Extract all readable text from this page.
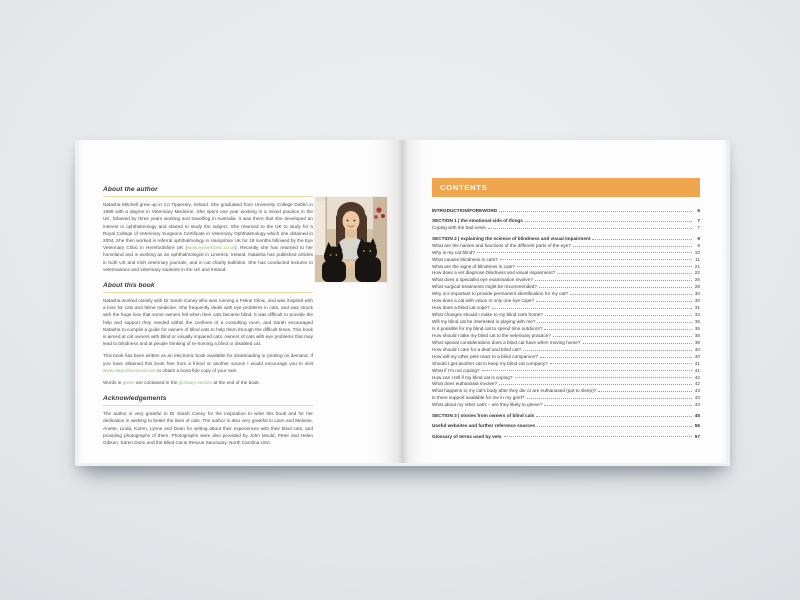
About the author

Natasha Mitchell grew up in Co Tipperary, Ireland. She graduated from University College Dublin in 1998 with a degree in Veterinary Medicine. She spent one year working in a mixed practice in the UK, followed by three years working and travelling in Australia. It was there that she developed an interest in ophthalmology and started to study the subject. She returned to the UK to study for a Royal College of Veterinary Surgeons Certificate in Veterinary Ophthalmology which she obtained in 2004. She then worked in referral ophthalmology in Hampshire UK for 18 months followed by the Eye Veterinary Clinic in Herefordshire UK (www.eyevetclinic.co.uk). Recently she has returned to her homeland and is working as an ophthalmologist in Limerick, Ireland. Natasha has published articles in both UK and Irish veterinary journals, and in cat charity bulletins. She has conducted lectures to veterinarians and veterinary students in the UK and Ireland.

About this book

Natasha worked closely with Dr Sarah Caney who was running a Feline Clinic, and was inspired with a love for cats and feline medicine. She frequently deals with eye problems in cats, and was struck with the huge loss that some owners felt when their cats became blind. It was difficult to provide the help and support they needed within the confines of a consulting room, and Sarah encouraged Natasha to compile a guide for owners of blind cats to help them through the difficult times. This book is aimed at cat owners with blind or visually impaired cats, owners of cats with eye problems that may lead to blindness and at people thinking of re-homing a blind or disabled cat.

This book has been written as an electronic book available for downloading or printing on demand. If you have obtained this book free from a friend or another source I would encourage you to visit www.catprofessional.com to obtain a bona fide copy of your own.

Words in green are contained in the glossary section at the end of the book.

Acknowledgements

The author is very grateful to Dr Sarah Caney for the inspiration to write this book and for her dedication in wishing to better the lives of cats. The author is also very grateful to Liam and Melanie, Anette, Linda, Karen, Lynne and Dean for writing about their experiences with their blind cats, and providing photographs of them. Photographs were also provided by John Mould, Peter and Helen Gibson, Karen Dunn and the Blind Cat & Rescue Sanctuary, North Carolina USA.

CONTENTS
INTRODUCTION/FOREWORD	6
SECTION 1 | the emotional side of things	7
Coping with the bad news	7
SECTION 2 | explaining the science of blindness and visual impairment	9
What are the names and functions of the different parts of the eye?	9
Why is my cat blind?	10
What causes blindness in cats?	11
What are the signs of blindness in cats?	21
How does a vet diagnose blindness and visual impairment?	22
What does a specialist eye examination involve?	26
What surgical treatments might be recommended?	28
Why is it important to provide permanent identification for my cat?	30
How does a cat with vision in only one eye cope?	30
How does a blind cat cope?	31
What changes should I make to my blind cat's home?	32
Will my blind cat be interested in playing with me?	35
Is it possible for my blind cat to spend time outdoors?	36
How should I take my blind cat to the veterinary practice?	38
What special considerations does a blind cat have when moving home?	38
How should I care for a deaf and blind cat?	40
How will my other pets react to a blind companion?	40
Should I get another cat to keep my blind cat company?	41
What if I'm not coping?	41
How can I tell if my blind cat is coping?	42
What does euthanasia involve?	42
What happens to my cat's body after they die or are euthanased (put to sleep)?	43
Is there support available for me in my grief?	43
What about my other cat/s – are they likely to grieve?	43
SECTION 3 | stories from owners of blind cats	45
Useful websites and further reference sources	55
Glossary of terms used by vets	57
